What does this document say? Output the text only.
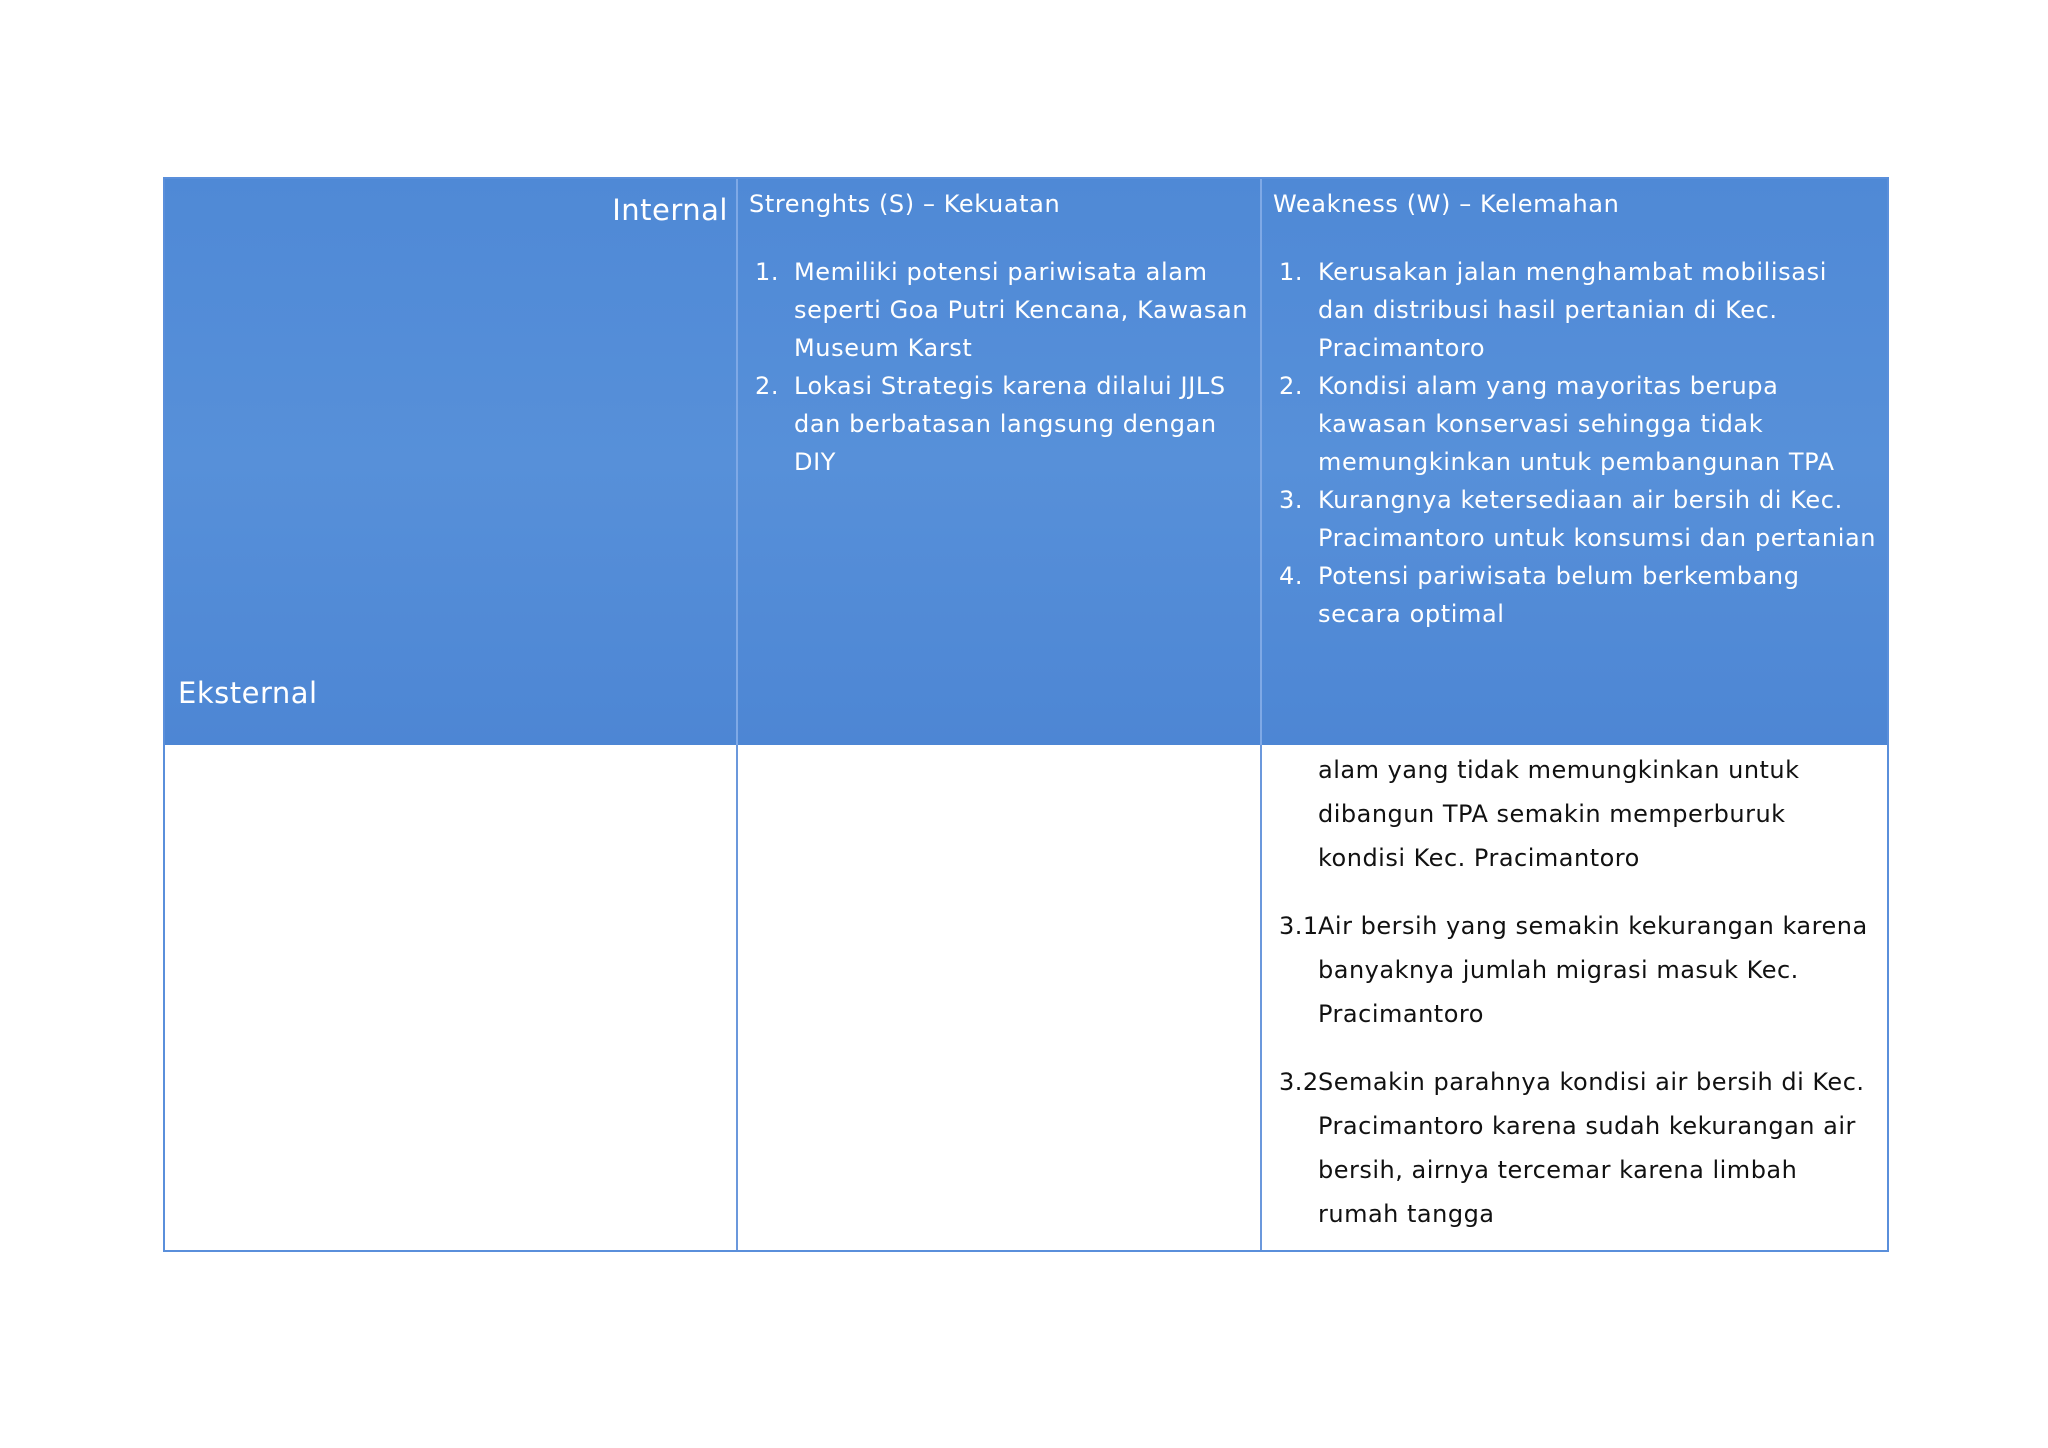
Internal
Eksternal
Strenghts (S) – Kekuatan
1. Memiliki potensi pariwisata alam seperti Goa Putri Kencana, Kawasan Museum Karst
2. Lokasi Strategis karena dilalui JJLS dan berbatasan langsung dengan DIY
Weakness (W) – Kelemahan
1. Kerusakan jalan menghambat mobilisasi dan distribusi hasil pertanian di Kec. Pracimantoro
2. Kondisi alam yang mayoritas berupa kawasan konservasi sehingga tidak memungkinkan untuk pembangunan TPA
3. Kurangnya ketersediaan air bersih di Kec. Pracimantoro untuk konsumsi dan pertanian
4. Potensi pariwisata belum berkembang secara optimal

alam yang tidak memungkinkan untuk dibangun TPA semakin memperburuk kondisi Kec. Pracimantoro

3.1 Air bersih yang semakin kekurangan karena banyaknya jumlah migrasi masuk Kec. Pracimantoro

3.2 Semakin parahnya kondisi air bersih di Kec. Pracimantoro karena sudah kekurangan air bersih, airnya tercemar karena limbah rumah tangga
